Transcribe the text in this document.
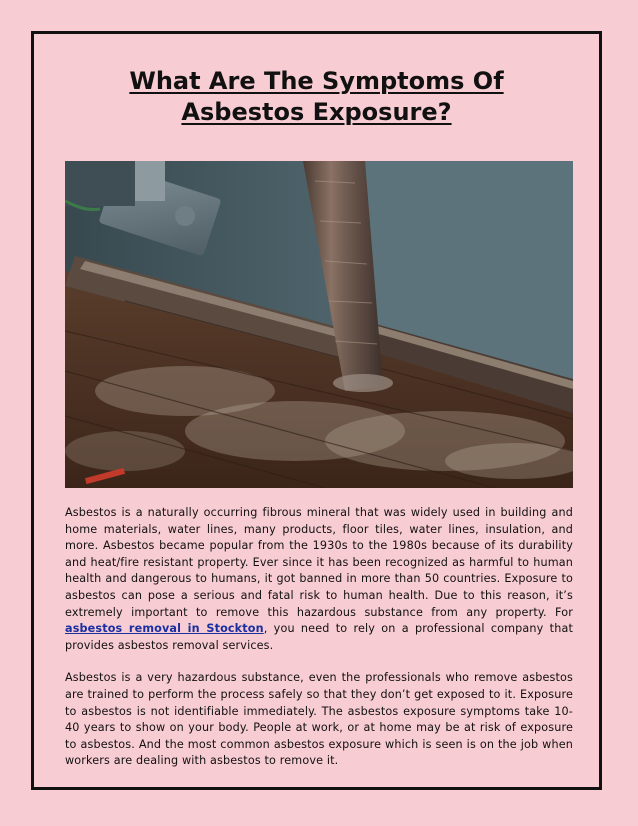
What Are The Symptoms Of
Asbestos Exposure?

Asbestos is a naturally occurring fibrous mineral that was widely used in building and home materials, water lines, many products, floor tiles, water lines, insulation, and more. Asbestos became popular from the 1930s to the 1980s because of its durability and heat/fire resistant property. Ever since it has been recognized as harmful to human health and dangerous to humans, it got banned in more than 50 countries. Exposure to asbestos can pose a serious and fatal risk to human health. Due to this reason, it’s extremely important to remove this hazardous substance from any property. For asbestos removal in Stockton, you need to rely on a professional company that provides asbestos removal services.

Asbestos is a very hazardous substance, even the professionals who remove asbestos are trained to perform the process safely so that they don’t get exposed to it. Exposure to asbestos is not identifiable immediately. The asbestos exposure symptoms take 10-40 years to show on your body. People at work, or at home may be at risk of exposure to asbestos. And the most common asbestos exposure which is seen is on the job when workers are dealing with asbestos to remove it.
